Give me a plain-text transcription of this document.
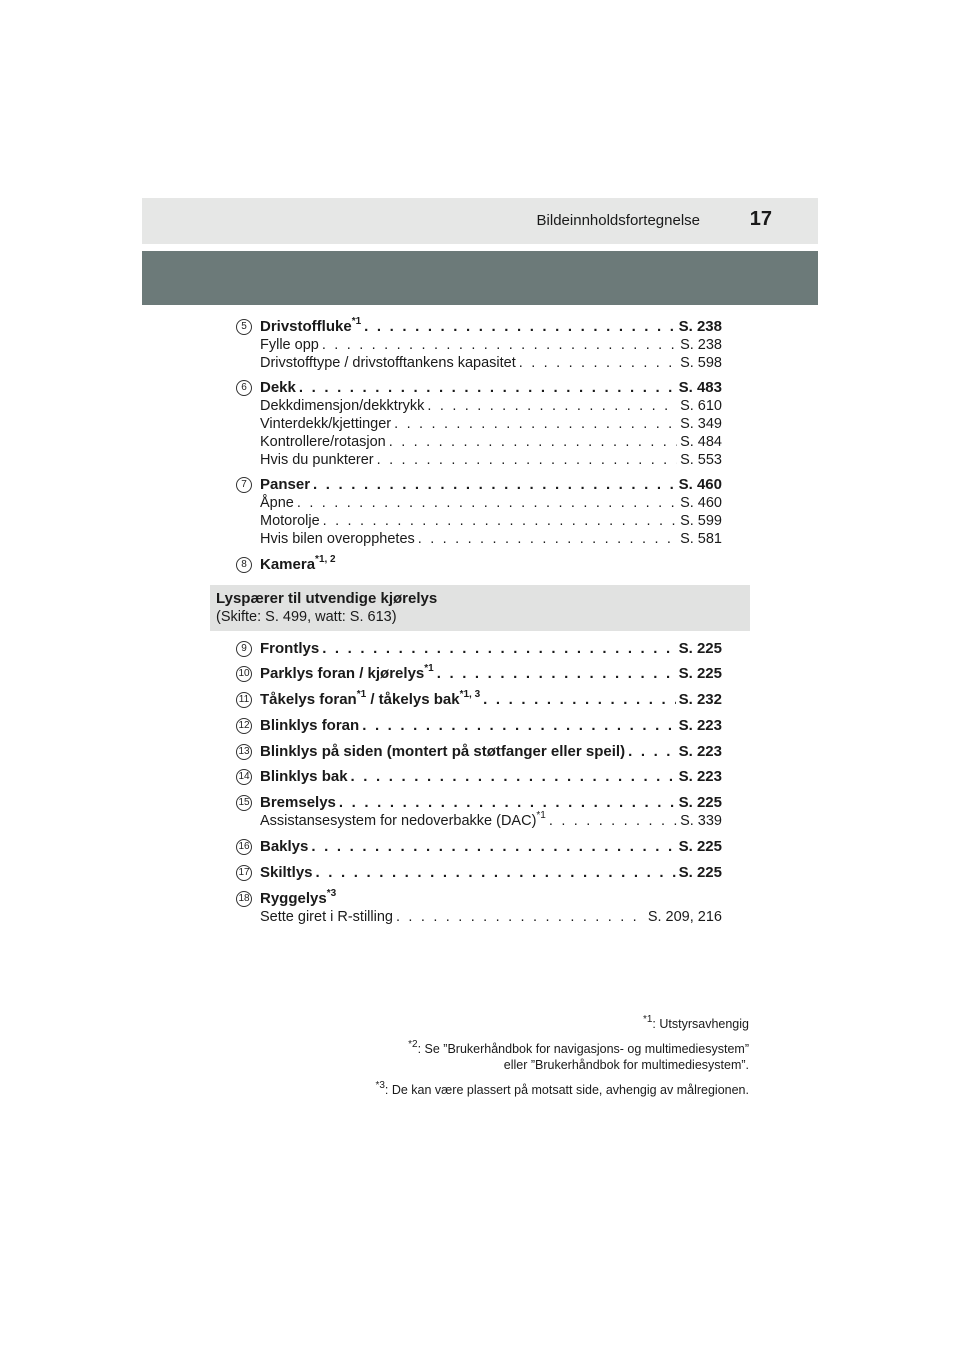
Bildeinnholdsfortegnelse 17
5 Drivstoffluke$^{*1}$ . . .	S. 238
Fylle opp . . .	S. 238
Drivstofftype / drivstofftankens kapasitet . . .	S. 598
6 Dekk . . .	S. 483
Dekkdimensjon/dekktrykk . . .	S. 610
Vinterdekk/kjettinger . . .	S. 349
Kontrollere/rotasjon . . .	S. 484
Hvis du punkterer . . .	S. 553
7 Panser . . .	S. 460
Åpne . . .	S. 460
Motorolje . . .	S. 599
Hvis bilen overopphetes . . .	S. 581
8 Kamera$^{*1, 2}$
Lyspærer til utvendige kjørelys
(Skifte: S. 499, watt: S. 613)
9 Frontlys . . .	S. 225
10 Parklys foran / kjørelys$^{*1}$ . . .	S. 225
11 Tåkelys foran$^{*1}$ / tåkelys bak$^{*1, 3}$ . . .	S. 232
12 Blinklys foran . . .	S. 223
13 Blinklys på siden (montert på støtfanger eller speil) . . .	S. 223
14 Blinklys bak . . .	S. 223
15 Bremselys . . .	S. 225
Assistansesystem for nedoverbakke (DAC)$^{*1}$ . . .	S. 339
16 Baklys . . .	S. 225
17 Skiltlys . . .	S. 225
18 Ryggelys$^{*3}$
Sette giret i R-stilling . . .	S. 209, 216
$^{*1}$: Utstyrsavhengig
$^{*2}$: Se ”Brukerhåndbok for navigasjons- og multimediesystem”
eller ”Brukerhåndbok for multimediesystem”.
$^{*3}$: De kan være plassert på motsatt side, avhengig av målregionen.
